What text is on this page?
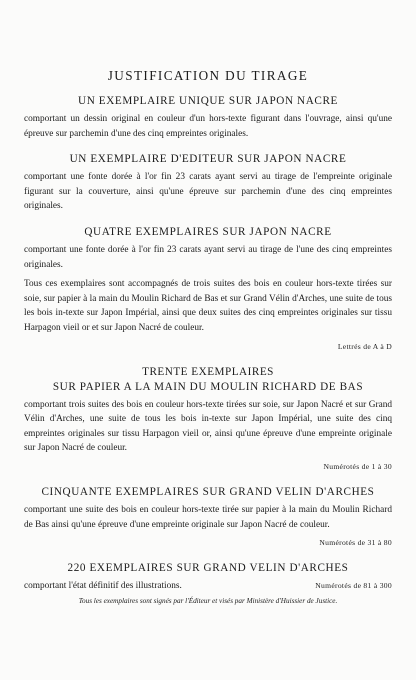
JUSTIFICATION DU TIRAGE
UN EXEMPLAIRE UNIQUE SUR JAPON NACRE

comportant un dessin original en couleur d'un hors-texte figurant dans l'ouvrage, ainsi qu'une épreuve sur parchemin d'une des cinq empreintes originales.

UN EXEMPLAIRE D'EDITEUR SUR JAPON NACRE

comportant une fonte dorée à l'or fin 23 carats ayant servi au tirage de l'empreinte originale figurant sur la couverture, ainsi qu'une épreuve sur parchemin d'une des cinq empreintes originales.

QUATRE EXEMPLAIRES SUR JAPON NACRE

comportant une fonte dorée à l'or fin 23 carats ayant servi au tirage de l'une des cinq empreintes originales.

Tous ces exemplaires sont accompagnés de trois suites des bois en couleur hors-texte tirées sur soie, sur papier à la main du Moulin Richard de Bas et sur Grand Vélin d'Arches, une suite de tous les bois in-texte sur Japon Impérial, ainsi que deux suites des cinq empreintes originales sur tissu Harpagon vieil or et sur Japon Nacré de couleur.

Lettrés de A à D
TRENTE EXEMPLAIRES
SUR PAPIER A LA MAIN DU MOULIN RICHARD DE BAS

comportant trois suites des bois en couleur hors-texte tirées sur soie, sur Japon Nacré et sur Grand Vélin d'Arches, une suite de tous les bois in-texte sur Japon Impérial, une suite des cinq empreintes originales sur tissu Harpagon vieil or, ainsi qu'une épreuve d'une empreinte originale sur Japon Nacré de couleur.

Numérotés de 1 à 30
CINQUANTE EXEMPLAIRES SUR GRAND VELIN D'ARCHES

comportant une suite des bois en couleur hors-texte tirée sur papier à la main du Moulin Richard de Bas ainsi qu'une épreuve d'une empreinte originale sur Japon Nacré de couleur.

Numérotés de 31 à 80
220 EXEMPLAIRES SUR GRAND VELIN D'ARCHES
comportant l'état définitif des illustrations.	Numérotés de 81 à 300
Tous les exemplaires sont signés par l'Éditeur et visés par Ministère d'Huissier de Justice.
